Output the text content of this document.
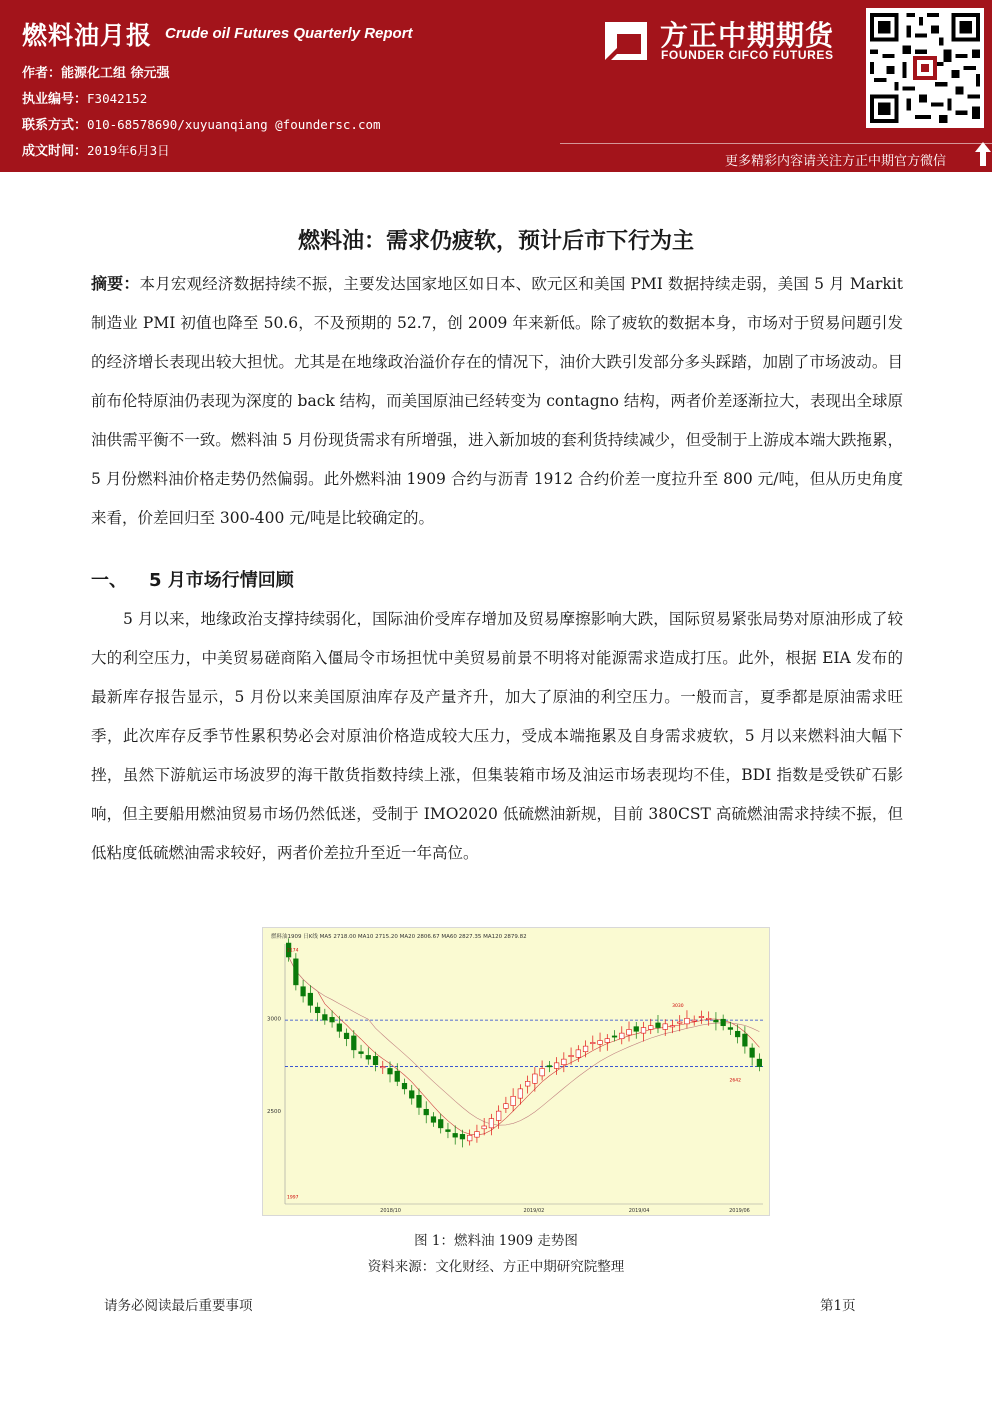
燃料油月报 Crude oil Futures Quarterly Report
作者：能源化工组 徐元强
执业编号：F3042152
联系方式：010-68578690/xuyuanqiang @foundersc.com
成文时间：2019年6月3日
方正中期期货
FOUNDER CIFCO FUTURES
更多精彩内容请关注方正中期官方微信
燃料油：需求仍疲软，预计后市下行为主

摘要：本月宏观经济数据持续不振，主要发达国家地区如日本、欧元区和美国 PMI 数据持续走弱，美国 5 月 Markit 制造业 PMI 初值也降至 50.6，不及预期的 52.7，创 2009 年来新低。除了疲软的数据本身，市场对于贸易问题引发的经济增长表现出较大担忧。尤其是在地缘政治溢价存在的情况下，油价大跌引发部分多头踩踏，加剧了市场波动。目前布伦特原油仍表现为深度的 back 结构，而美国原油已经转变为 contagno 结构，两者价差逐渐拉大，表现出全球原油供需平衡不一致。燃料油 5 月份现货需求有所增强，进入新加坡的套利货持续减少，但受制于上游成本端大跌拖累，5 月份燃料油价格走势仍然偏弱。此外燃料油 1909 合约与沥青 1912 合约价差一度拉升至 800 元/吨，但从历史角度来看，价差回归至 300-400 元/吨是比较确定的。

一、 5 月市场行情回顾

5 月以来，地缘政治支撑持续弱化，国际油价受库存增加及贸易摩擦影响大跌，国际贸易紧张局势对原油形成了较大的利空压力，中美贸易磋商陷入僵局令市场担忧中美贸易前景不明将对能源需求造成打压。此外，根据 EIA 发布的最新库存报告显示，5 月份以来美国原油库存及产量齐升，加大了原油的利空压力。一般而言，夏季都是原油需求旺季，此次库存反季节性累积势必会对原油价格造成较大压力，受成本端拖累及自身需求疲软，5 月以来燃料油大幅下挫，虽然下游航运市场波罗的海干散货指数持续上涨，但集装箱市场及油运市场表现均不佳，BDI 指数是受铁矿石影响，但主要船用燃油贸易市场仍然低迷，受制于 IMO2020 低硫燃油新规，目前 380CST 高硫燃油需求持续不振，但低粘度低硫燃油需求较好，两者价差拉升至近一年高位。

燃料油1909 日K线 MA5 2718.00 MA10 2715.20 MA20 2806.67 MA60 2827.35 MA120 2879.82
3000
2500
2018/10	2019/02	2019/04	2019/06
2174
1997
3030
2642
图 1：燃料油 1909 走势图
资料来源：文化财经、方正中期研究院整理
请务必阅读最后重要事项	第1页
